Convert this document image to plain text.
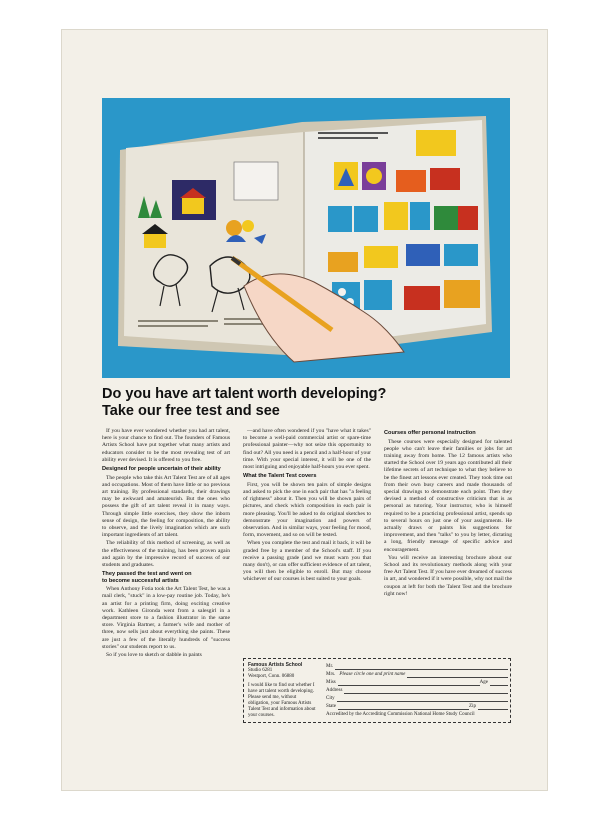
Do you have art talent worth developing?
Take our free test and see

If you have ever wondered whether you had art talent, here is your chance to find out. The founders of Famous Artists School have put together what many artists and educators consider to be the most revealing test of art ability ever devised. It is offered to you free.

Designed for people uncertain of their ability

The people who take this Art Talent Test are of all ages and occupations. Most of them have little or no previous art training. By professional standards, their drawings may be awkward and amateurish. But the ones who possess the gift of art talent reveal it in many ways. Through simple little exercises, they show the inborn sense of design, the feeling for composition, the ability to observe, and the lively imagination which are such important ingredients of art talent.

The reliability of this method of screening, as well as the effectiveness of the training, has been proven again and again by the impressive record of success of our students and graduates.

They passed the test and went on
to become successful artists

When Anthony Fotia took the Art Talent Test, he was a mail clerk, "stuck" in a low-pay routine job. Today, he's an artist for a printing firm, doing exciting creative work. Kathleen Gironda went from a salesgirl in a department store to a fashion illustrator in the same store. Virginia Bartner, a farmer's wife and mother of three, now sells just about everything she paints. These are just a few of the literally hundreds of "success stories" our students report to us.

So if you love to sketch or dabble in paints

—and have often wondered if you "have what it takes" to become a well-paid commercial artist or spare-time professional painter—why not seize this opportunity to find out? All you need is a pencil and a half-hour of your time. With your special interest, it will be one of the most intriguing and enjoyable half-hours you ever spent.

What the Talent Test covers

First, you will be shown ten pairs of simple designs and asked to pick the one in each pair that has "a feeling of rightness" about it. Then you will be shown pairs of pictures, and check which composition in each pair is more pleasing. You'll be asked to do original sketches to demonstrate your imagination and powers of observation. And in similar ways, your feeling for mood, form, movement, and so on will be tested.

When you complete the test and mail it back, it will be graded free by a member of the School's staff. If you receive a passing grade (and we must warn you that many don't), or can offer sufficient evidence of art talent, you will then be eligible to enroll. But may choose whichever of our courses is best suited to your goals.

Courses offer personal instruction

These courses were especially designed for talented people who can't leave their families or jobs for art training away from home. The 12 famous artists who started the School over 19 years ago contributed all their lifetime secrets of art technique to what they believe to be the finest art lessons ever created. They took time out from their own busy careers and made thousands of special drawings to demonstrate each point. Then they devised a method of constructive criticism that is as personal as tutoring. Your instructor, who is himself required to be a practicing professional artist, spends up to several hours on just one of your assignments. He actually draws or paints his suggestions for improvement, and then "talks" to you by letter, dictating a long, friendly message of specific advice and encouragement.

You will receive an interesting brochure about our School and its revolutionary methods along with your free Art Talent Test. If you have ever dreamed of success in art, and wondered if it were possible, why not mail the coupon at left for both the Talent Test and the brochure right now!

Famous Artists School
Studio 6281
Westport, Conn. 06880
I would like to find out whether I have art talent worth developing. Please send me, without obligation, your Famous Artists Talent Test and information about your courses.
Mr.
Mrs. Please circle one and print name
Miss	Age
Address
City
State	Zip
Accredited by the Accrediting Commission National Home Study Council
